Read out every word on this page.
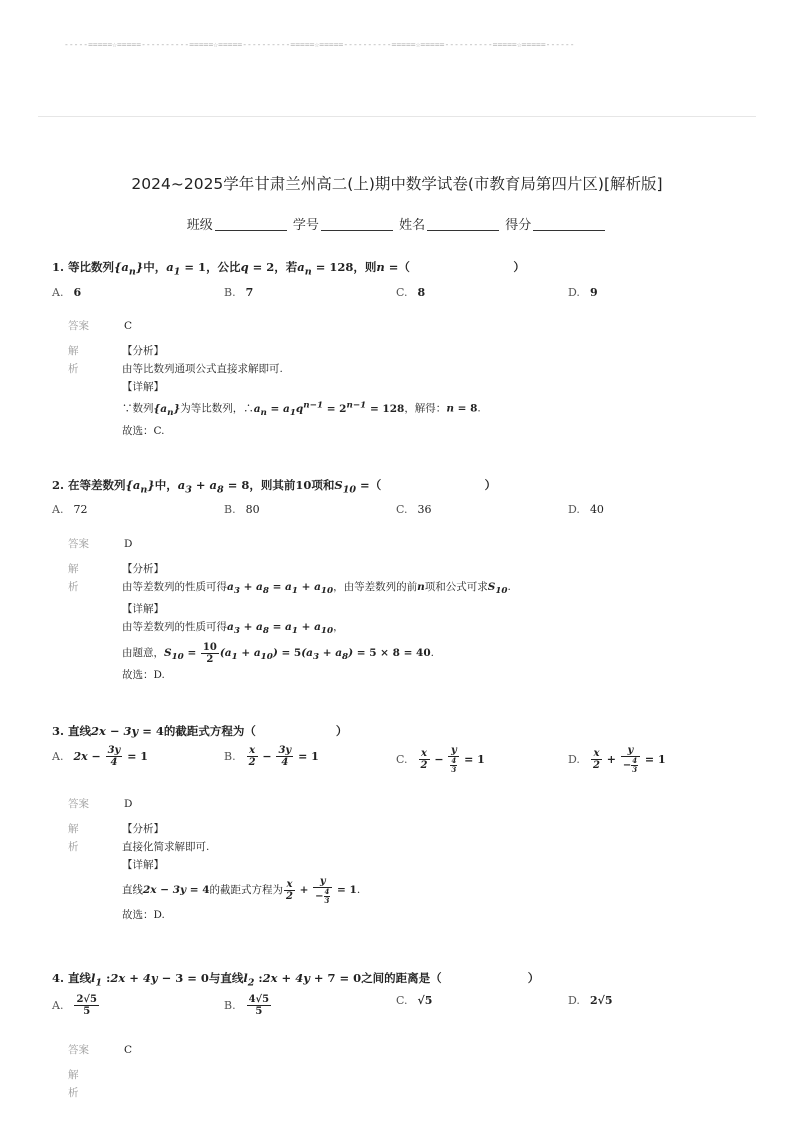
-----=====☆=====----------=====☆=====----------=====☆=====----------=====☆=====----------=====☆=====------
2024~2025学年甘肃兰州高二(上)期中数学试卷(市教育局第四片区)[解析版]
班级	学号	姓名	得分
1. 等比数列$\{a_n\}$中，$a_1 = 1$，公比q = 2，若$a_n = 128$，则n =（　　　　　　　　　）
A. 6	B. 7	C. 8	D. 9
答案	C
解析
【分析】
由等比数列通项公式直接求解即可.
【详解】
∵数列$\{a_n\}$为等比数列，$\therefore a_n = a_1q^{n-1} = 2^{n-1} = 128$，解得：n = 8.
故选：C.
2. 在等差数列$\{a_n\}$中，$a_3 + a_8 = 8$，则其前10项和$S_{10}$ =（　　　　　　　　　）
A. 72	B. 80	C. 36	D. 40
答案	D
解析
【分析】
由等差数列的性质可得$a_3 + a_8 = a_1 + a_{10}$，由等差数列的前n项和公式可求$S_{10}$.
【详解】
由等差数列的性质可得$a_3 + a_8 = a_1 + a_{10}$，
由题意，$S_{10} = \frac{10}{2} (a_1 + a_{10}) = 5(a_3 + a_8) = 5 \times 8 = 40$.
故选：D.
3. 直线2x − 3y = 4的截距式方程为（	）
A. $2x - \frac{3y}{4} = 1$	B. $\frac{x}{2} - \frac{3y}{4} = 1$	C. $\frac{x}{2} - \frac{y}{\frac{4}{3}} = 1$	D. $\frac{x}{2} + \frac{y}{- \frac{4}{3}} = 1$
答案	D
解析
【分析】
直接化简求解即可.
【详解】
直线2x − 3y = 4的截距式方程为 $\frac{x}{2} + \frac{y}{- \frac{4}{3}} = 1$.
故选：D.
4. 直线$l_1$ :2x + 4y − 3 = 0与直线$l_2$ :2x + 4y + 7 = 0之间的距离是（	）
A. $\frac{2√5}{5}$	B. $\frac{4√5}{5}$	C. √5	D. 2√5
答案	C
解析
